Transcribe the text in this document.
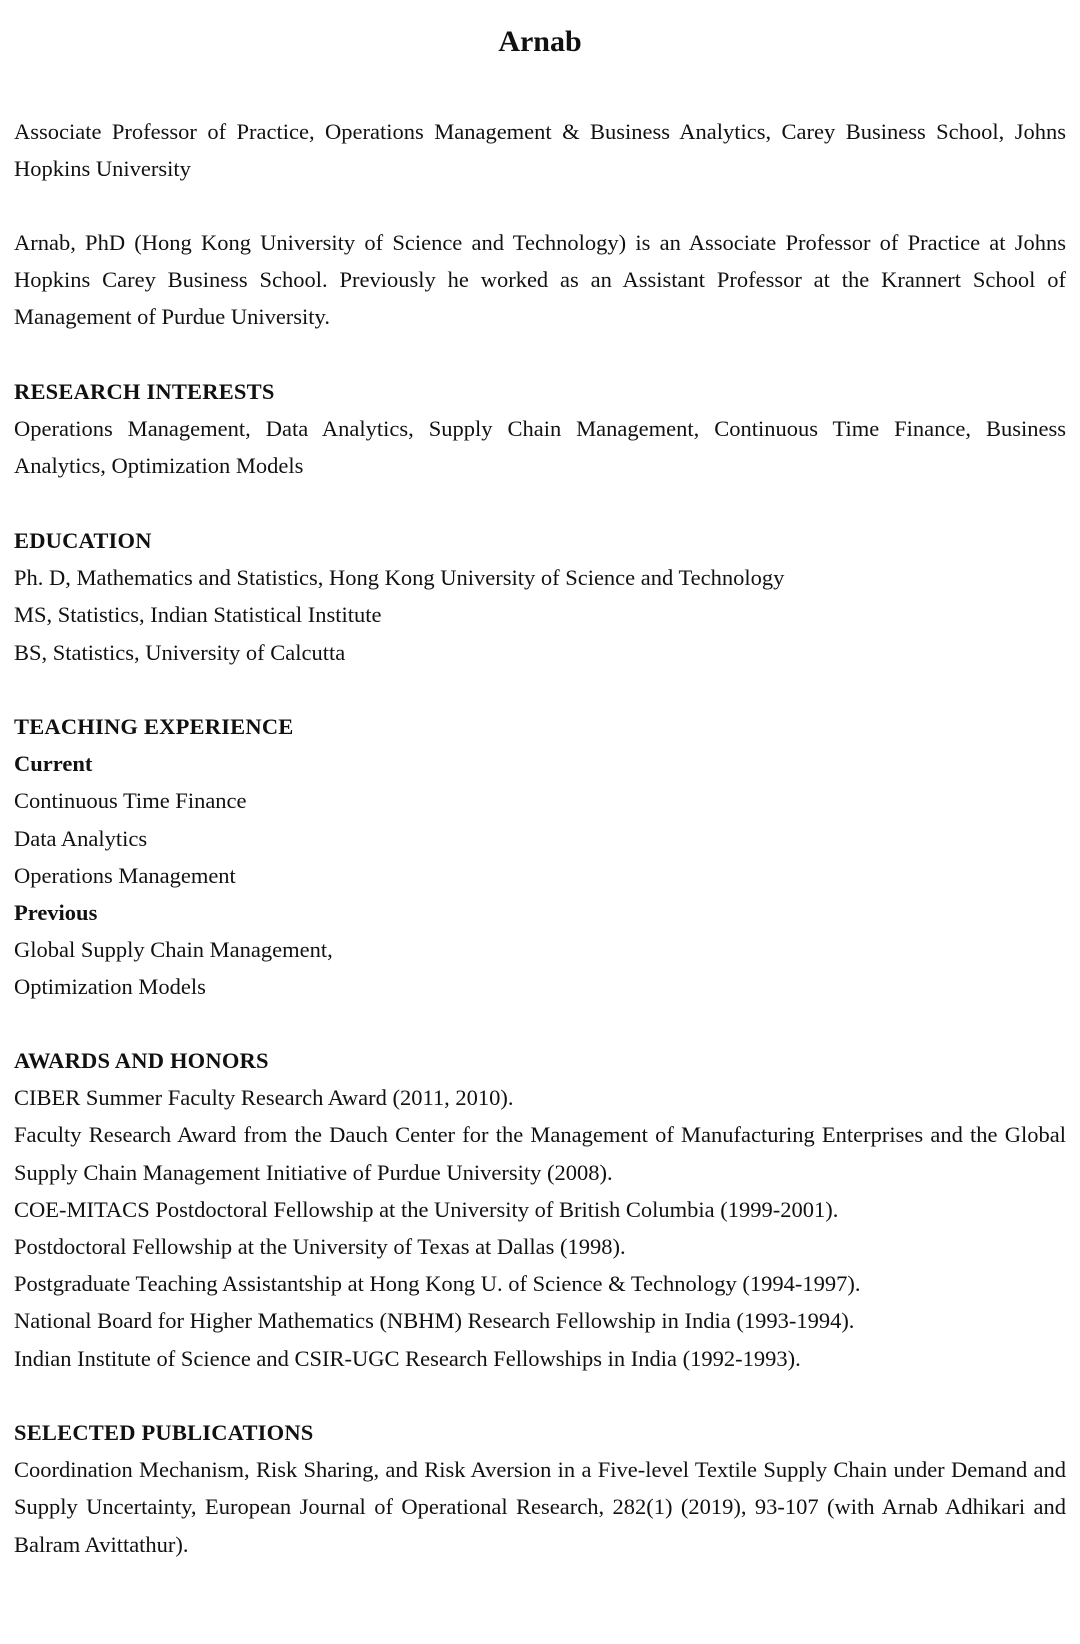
Arnab

Associate Professor of Practice, Operations Management & Business Analytics, Carey Business School, Johns Hopkins University

Arnab, PhD (Hong Kong University of Science and Technology) is an Associate Professor of Practice at Johns Hopkins Carey Business School. Previously he worked as an Assistant Professor at the Krannert School of Management of Purdue University.

RESEARCH INTERESTS

Operations Management, Data Analytics, Supply Chain Management, Continuous Time Finance, Business Analytics, Optimization Models

EDUCATION
Ph. D, Mathematics and Statistics, Hong Kong University of Science and Technology
MS, Statistics, Indian Statistical Institute
BS, Statistics, University of Calcutta
TEACHING EXPERIENCE
Current
Continuous Time Finance
Data Analytics
Operations Management
Previous
Global Supply Chain Management,
Optimization Models
AWARDS AND HONORS
CIBER Summer Faculty Research Award (2011, 2010).
Faculty Research Award from the Dauch Center for the Management of Manufacturing Enterprises and the Global Supply Chain Management Initiative of Purdue University (2008).
COE-MITACS Postdoctoral Fellowship at the University of British Columbia (1999-2001).
Postdoctoral Fellowship at the University of Texas at Dallas (1998).
Postgraduate Teaching Assistantship at Hong Kong U. of Science & Technology (1994-1997).
National Board for Higher Mathematics (NBHM) Research Fellowship in India (1993-1994).
Indian Institute of Science and CSIR-UGC Research Fellowships in India (1992-1993).
SELECTED PUBLICATIONS
Coordination Mechanism, Risk Sharing, and Risk Aversion in a Five-level Textile Supply Chain under Demand and Supply Uncertainty, European Journal of Operational Research, 282(1) (2019), 93-107 (with Arnab Adhikari and Balram Avittathur).
